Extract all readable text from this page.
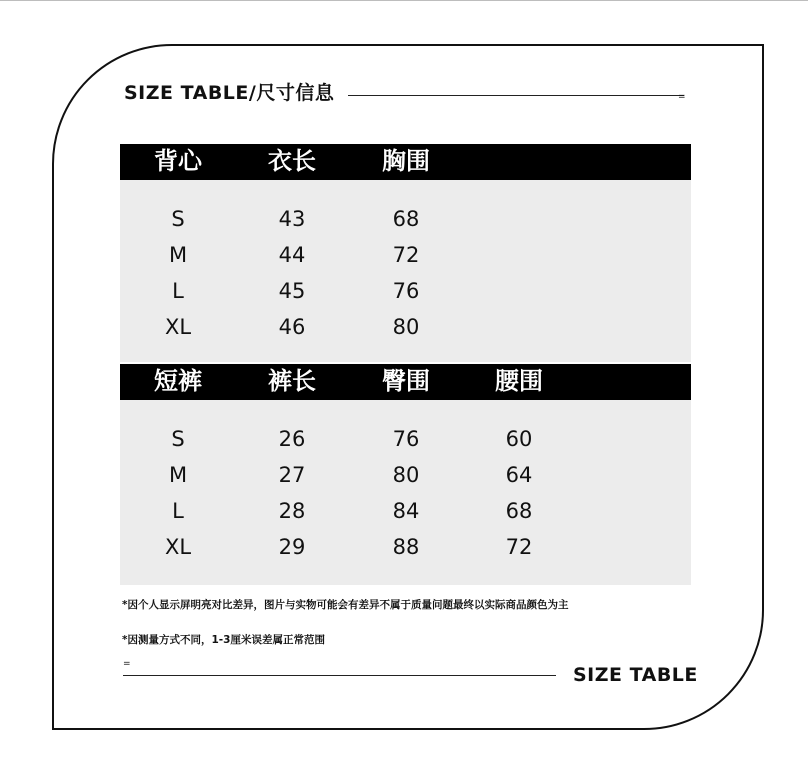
SIZE TABLE/尺寸信息	=
背心	衣长	胸围
S	43	68
M	44	72
L	45	76
XL	46	80
短裤	裤长	臀围	腰围
S	26	76	60
M	27	80	64
L	28	84	68
XL	29	88	72
*因个人显示屏明亮对比差异，图片与实物可能会有差异不属于质量问题最终以实际商品颜色为主
*因测量方式不同，1-3厘米误差属正常范围
=	SIZE TABLE
